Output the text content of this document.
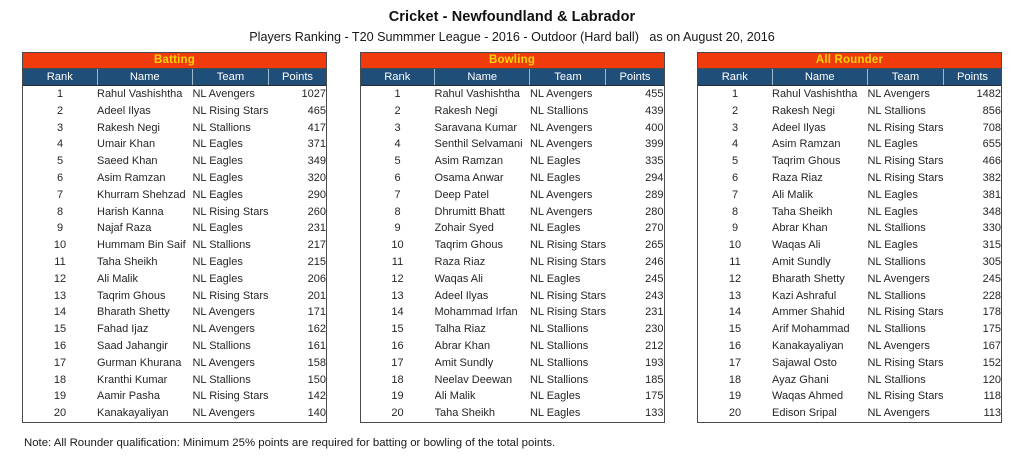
Cricket - Newfoundland & Labrador
Players Ranking - T20 Summmer League - 2016 - Outdoor (Hard ball)   as on August 20, 2016
Batting
Rank	Name	Team	Points
1	Rahul Vashishtha	NL Avengers	1027
2	Adeel Ilyas	NL Rising Stars	465
3	Rakesh Negi	NL Stallions	417
4	Umair Khan	NL Eagles	371
5	Saeed Khan	NL Eagles	349
6	Asim Ramzan	NL Eagles	320
7	Khurram Shehzad	NL Eagles	290
8	Harish Kanna	NL Rising Stars	260
9	Najaf Raza	NL Eagles	231
10	Hummam Bin Saif	NL Stallions	217
11	Taha Sheikh	NL Eagles	215
12	Ali Malik	NL Eagles	206
13	Taqrim Ghous	NL Rising Stars	201
14	Bharath Shetty	NL Avengers	171
15	Fahad Ijaz	NL Avengers	162
16	Saad Jahangir	NL Stallions	161
17	Gurman Khurana	NL Avengers	158
18	Kranthi Kumar	NL Stallions	150
19	Aamir Pasha	NL Rising Stars	142
20	Kanakayaliyan	NL Avengers	140
Bowling
Rank	Name	Team	Points
1	Rahul Vashishtha	NL Avengers	455
2	Rakesh Negi	NL Stallions	439
3	Saravana Kumar	NL Avengers	400
4	Senthil Selvamani	NL Avengers	399
5	Asim Ramzan	NL Eagles	335
6	Osama Anwar	NL Eagles	294
7	Deep Patel	NL Avengers	289
8	Dhrumitt Bhatt	NL Avengers	280
9	Zohair Syed	NL Eagles	270
10	Taqrim Ghous	NL Rising Stars	265
11	Raza Riaz	NL Rising Stars	246
12	Waqas Ali	NL Eagles	245
13	Adeel Ilyas	NL Rising Stars	243
14	Mohammad Irfan	NL Rising Stars	231
15	Talha Riaz	NL Stallions	230
16	Abrar Khan	NL Stallions	212
17	Amit Sundly	NL Stallions	193
18	Neelav Deewan	NL Stallions	185
19	Ali Malik	NL Eagles	175
20	Taha Sheikh	NL Eagles	133
All Rounder
Rank	Name	Team	Points
1	Rahul Vashishtha	NL Avengers	1482
2	Rakesh Negi	NL Stallions	856
3	Adeel Ilyas	NL Rising Stars	708
4	Asim Ramzan	NL Eagles	655
5	Taqrim Ghous	NL Rising Stars	466
6	Raza Riaz	NL Rising Stars	382
7	Ali Malik	NL Eagles	381
8	Taha Sheikh	NL Eagles	348
9	Abrar Khan	NL Stallions	330
10	Waqas Ali	NL Eagles	315
11	Amit Sundly	NL Stallions	305
12	Bharath Shetty	NL Avengers	245
13	Kazi Ashraful	NL Stallions	228
14	Ammer Shahid	NL Rising Stars	178
15	Arif Mohammad	NL Stallions	175
16	Kanakayaliyan	NL Avengers	167
17	Sajawal Osto	NL Rising Stars	152
18	Ayaz Ghani	NL Stallions	120
19	Waqas Ahmed	NL Rising Stars	118
20	Edison Sripal	NL Avengers	113
Note: All Rounder qualification: Minimum 25% points are required for batting or bowling of the total points.
